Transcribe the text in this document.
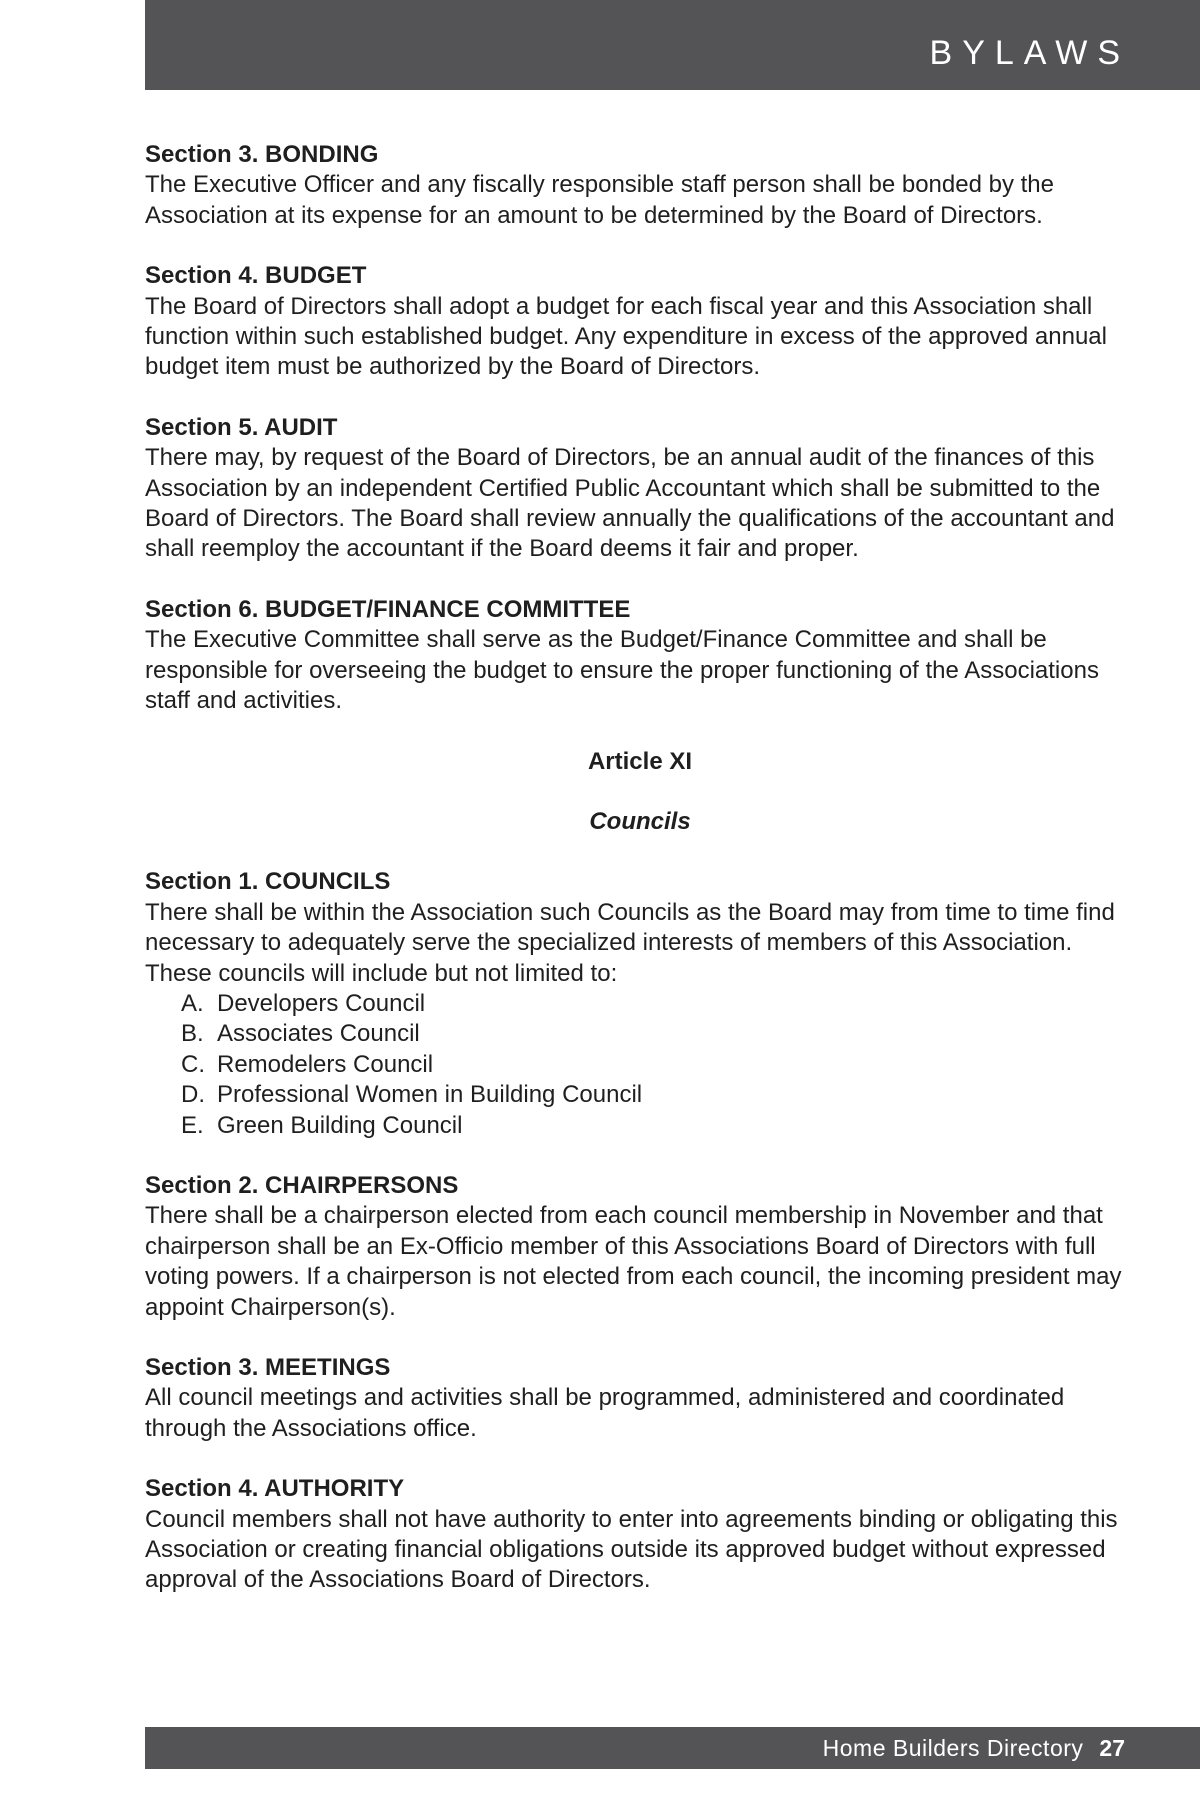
BYLAWS

Section 3. BONDING

The Executive Officer and any fiscally responsible staff person shall be bonded by the Association at its expense for an amount to be determined by the Board of Directors.

Section 4. BUDGET

The Board of Directors shall adopt a budget for each fiscal year and this Association shall function within such established budget. Any expenditure in excess of the approved annual budget item must be authorized by the Board of Directors.

Section 5. AUDIT

There may, by request of the Board of Directors, be an annual audit of the finances of this Association by an independent Certified Public Accountant which shall be submitted to the Board of Directors. The Board shall review annually the qualifications of the accountant and shall reemploy the accountant if the Board deems it fair and proper.

Section 6. BUDGET/FINANCE COMMITTEE

The Executive Committee shall serve as the Budget/Finance Committee and shall be responsible for overseeing the budget to ensure the proper functioning of the Associations staff and activities.

Article XI

Councils

Section 1. COUNCILS

There shall be within the Association such Councils as the Board may from time to time find necessary to adequately serve the specialized interests of members of this Association. These councils will include but not limited to:

A. Developers Council
B. Associates Council
C. Remodelers Council
D. Professional Women in Building Council
E. Green Building Council

Section 2. CHAIRPERSONS

There shall be a chairperson elected from each council membership in November and that chairperson shall be an Ex-Officio member of this Associations Board of Directors with full voting powers. If a chairperson is not elected from each council, the incoming president may appoint Chairperson(s).

Section 3. MEETINGS

All council meetings and activities shall be programmed, administered and coordinated through the Associations office.

Section 4. AUTHORITY

Council members shall not have authority to enter into agreements binding or obligating this Association or creating financial obligations outside its approved budget without expressed approval of the Associations Board of Directors.

Home Builders Directory 27
